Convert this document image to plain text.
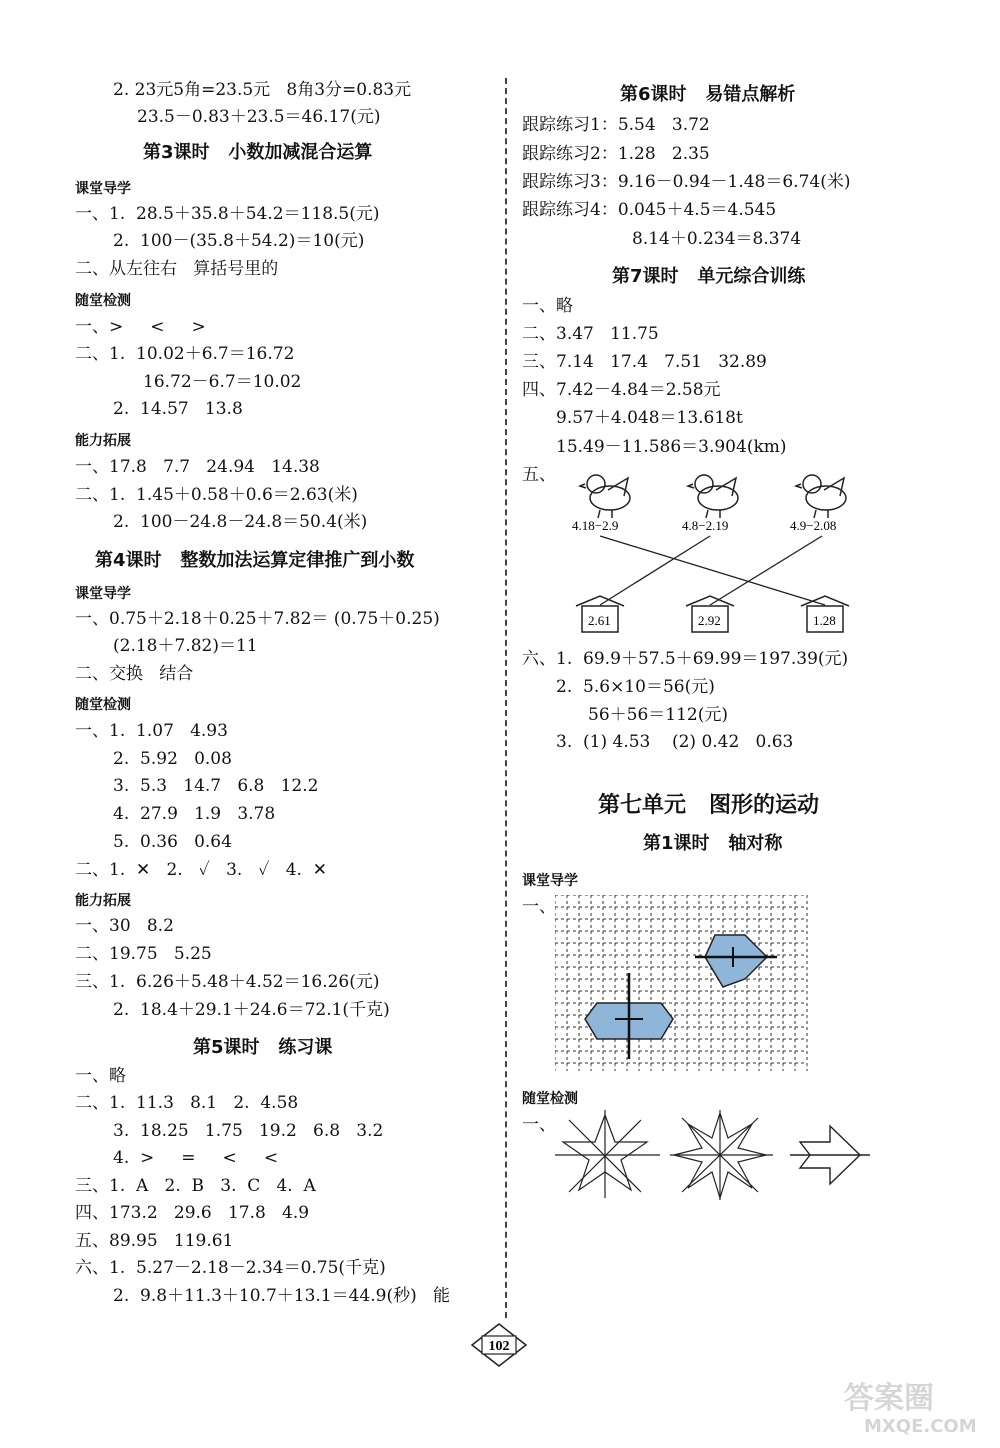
2. 23元5角=23.5元   8角3分=0.83元
23.5－0.83＋23.5＝46.17(元)
第3课时   小数加减混合运算
课堂导学
一、1.  28.5＋35.8＋54.2＝118.5(元)
2.  100－(35.8＋54.2)＝10(元)
二、从左往右   算括号里的
随堂检测
一、>     <     >
二、1.  10.02＋6.7＝16.72
16.72－6.7＝10.02
2.  14.57   13.8
能力拓展
一、17.8   7.7   24.94   14.38
二、1.  1.45＋0.58＋0.6＝2.63(米)
2.  100－24.8－24.8＝50.4(米)
第4课时   整数加法运算定律推广到小数
课堂导学
一、0.75＋2.18＋0.25＋7.82＝ (0.75＋0.25)
(2.18＋7.82)＝11
二、交换   结合
随堂检测
一、1.  1.07   4.93
2.  5.92   0.08
3.  5.3   14.7   6.8   12.2
4.  27.9   1.9   3.78
5.  0.36   0.64
二、1.  ✕   2.   ✓   3.   ✓   4.  ✕
能力拓展
一、30   8.2
二、19.75   5.25
三、1.  6.26＋5.48＋4.52＝16.26(元)
2.  18.4＋29.1＋24.6＝72.1(千克)
第5课时   练习课
一、略
二、1.  11.3   8.1   2.  4.58
3.  18.25   1.75   19.2   6.8   3.2
4.  >     =     <     <
三、1.  A   2.  B   3.  C   4.  A
四、173.2   29.6   17.8   4.9
五、89.95   119.61
六、1.  5.27－2.18－2.34＝0.75(千克)
2.  9.8＋11.3＋10.7＋13.1＝44.9(秒)   能
第6课时   易错点解析
跟踪练习1：5.54   3.72
跟踪练习2：1.28   2.35
跟踪练习3：9.16－0.94－1.48＝6.74(米)
跟踪练习4：0.045＋4.5＝4.545
8.14＋0.234＝8.374
第7课时   单元综合训练
一、略
二、3.47   11.75
三、7.14   17.4   7.51   32.89
四、7.42－4.84＝2.58元
9.57＋4.048＝13.618t
15.49－11.586＝3.904(km)
五、
4.18−2.9	4.8−2.19	4.9−2.08
2.61	2.92	1.28
六、1.  69.9＋57.5＋69.99＝197.39(元)
2.  5.6×10＝56(元)
56＋56＝112(元)
3.  (1) 4.53    (2) 0.42   0.63
第七单元   图形的运动
第1课时   轴对称
课堂导学
一、
随堂检测
一、
102
答案圈
MXQE.COM
